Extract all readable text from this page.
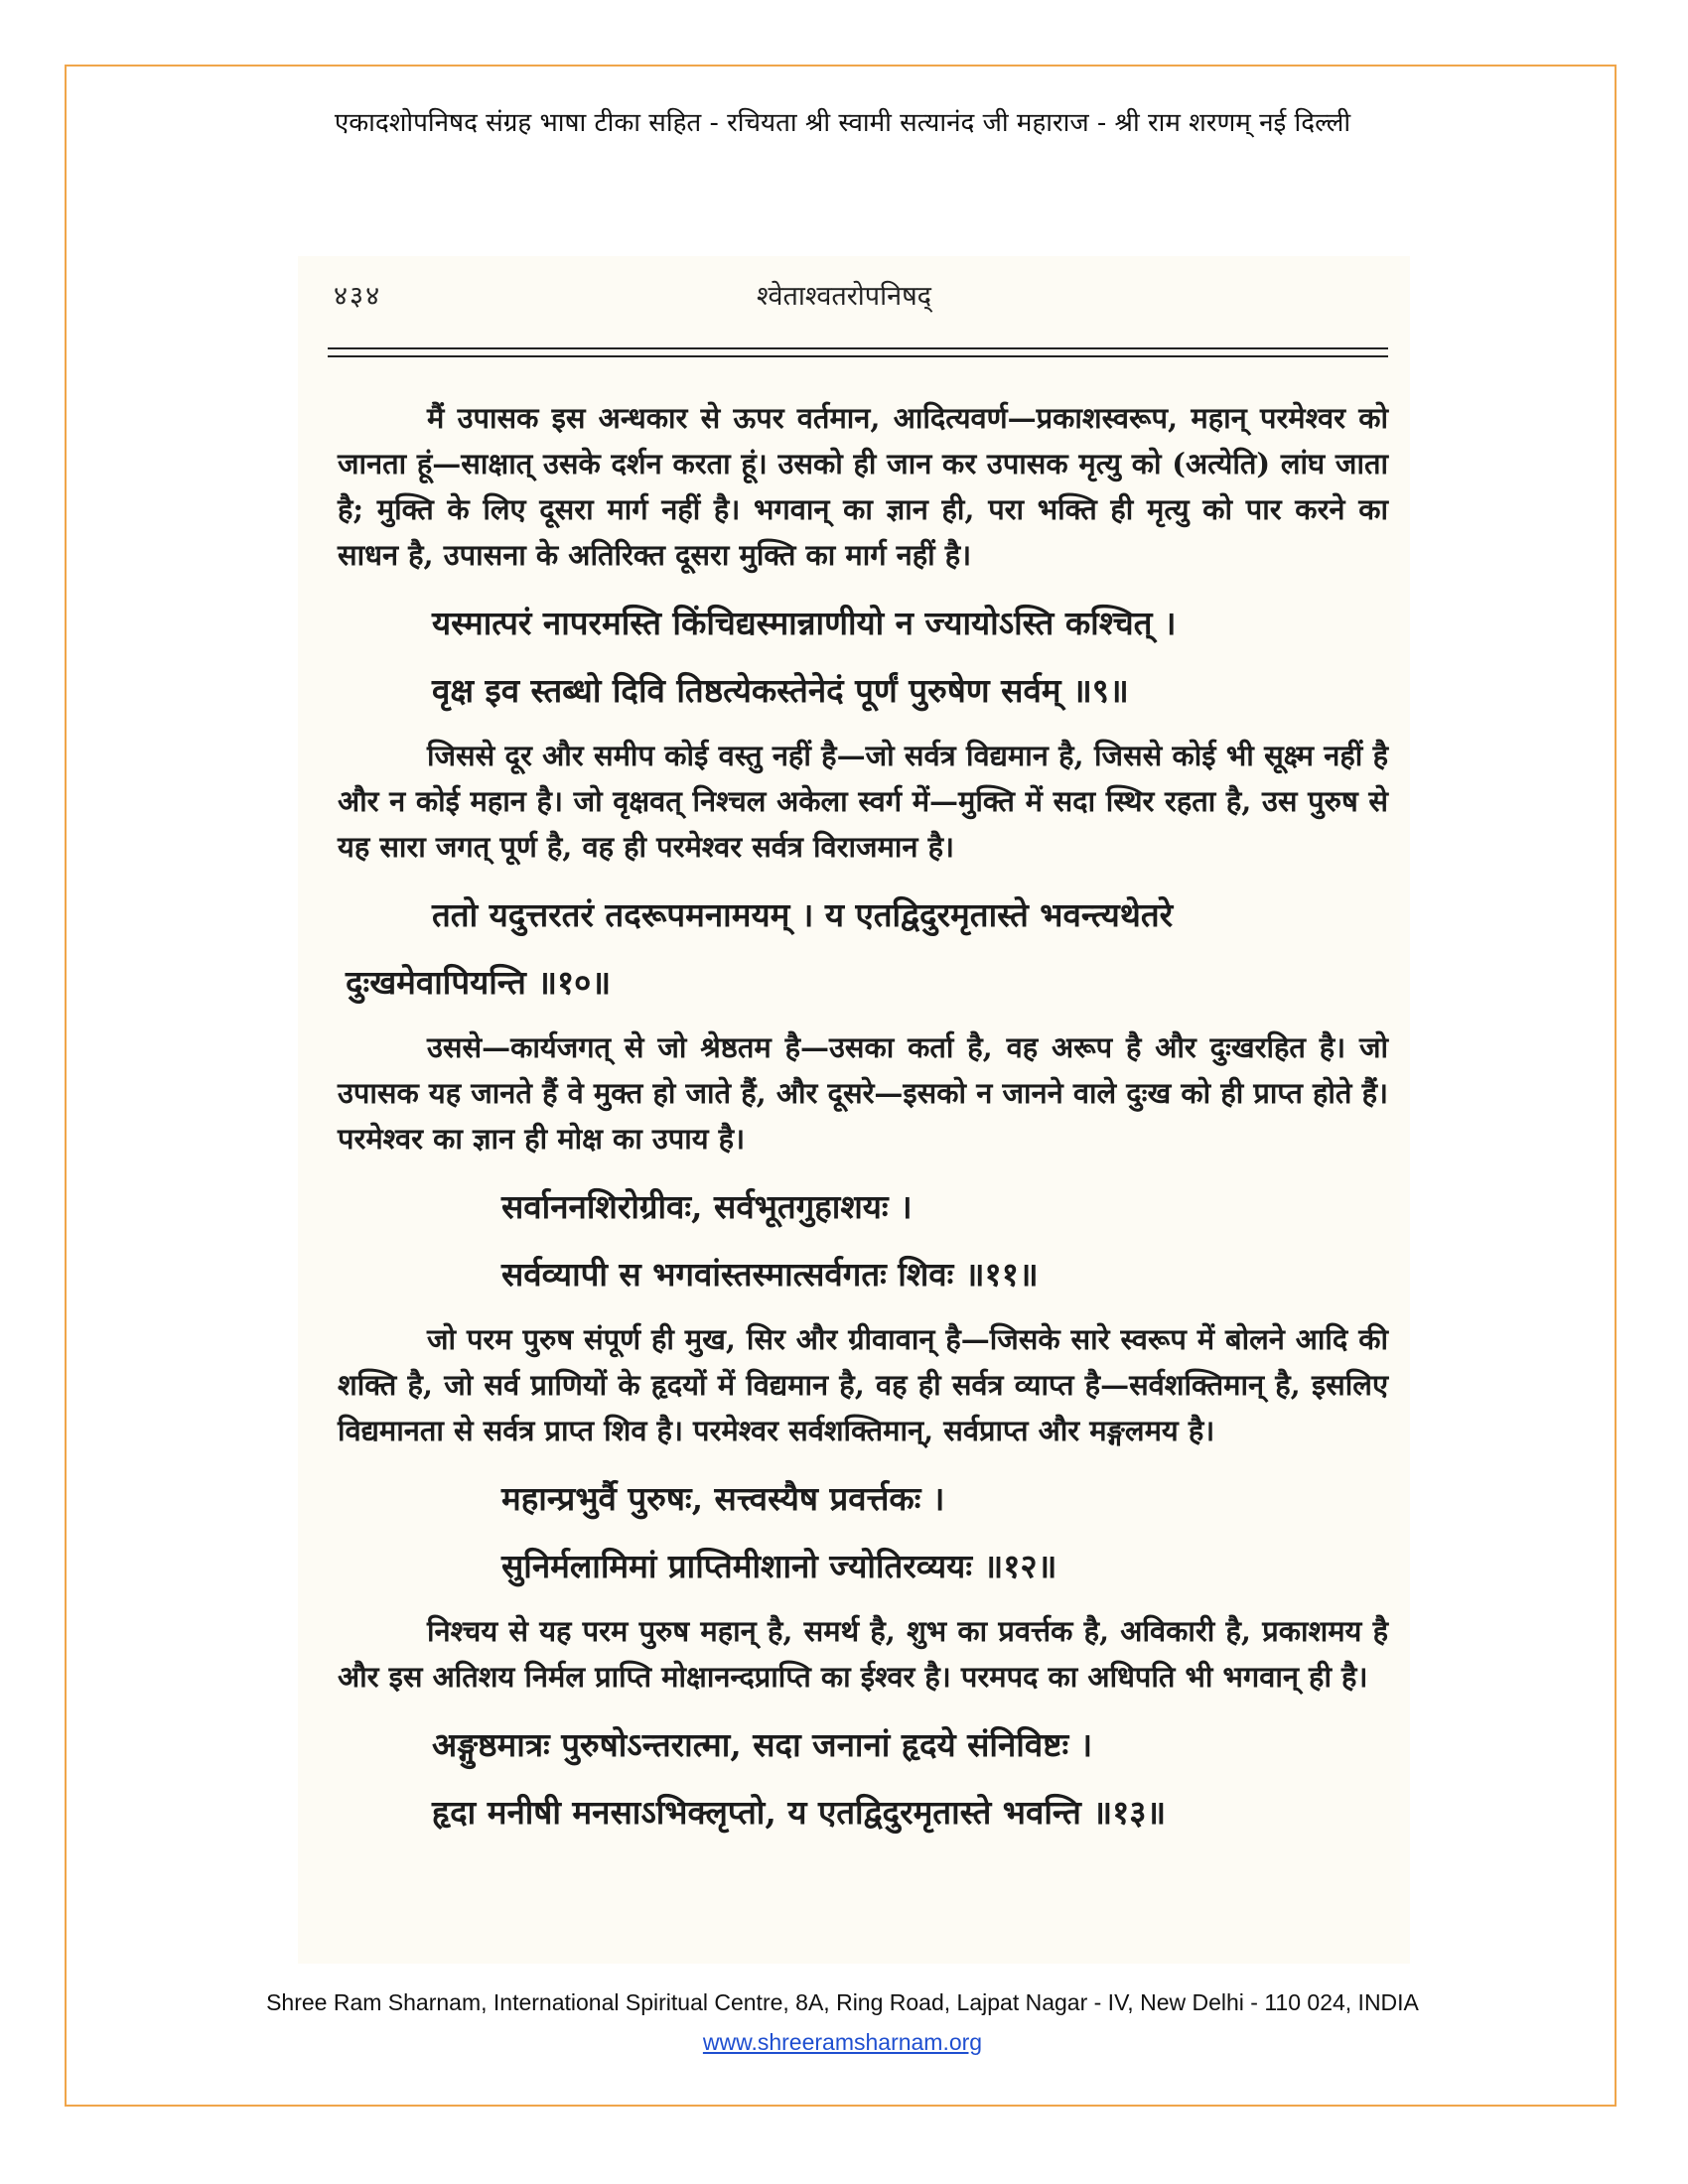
एकादशोपनिषद संग्रह भाषा टीका सहित - रचियता श्री स्वामी सत्यानंद जी महाराज - श्री राम शरणम् नई दिल्ली
४३४	श्वेताश्वतरोपनिषद्

मैं उपासक इस अन्धकार से ऊपर वर्तमान, आदित्यवर्ण—प्रकाशस्वरूप, महान् परमेश्वर को जानता हूं—साक्षात् उसके दर्शन करता हूं। उसको ही जान कर उपासक मृत्यु को (अत्येति) लांघ जाता है; मुक्ति के लिए दूसरा मार्ग नहीं है। भगवान् का ज्ञान ही, परा भक्ति ही मृत्यु को पार करने का साधन है, उपासना के अतिरिक्त दूसरा मुक्ति का मार्ग नहीं है।

यस्मात्परं नापरमस्ति किंचिद्यस्मान्नाणीयो न ज्यायोऽस्ति कश्चित् ।
वृक्ष इव स्तब्धो दिवि तिष्ठत्येकस्तेनेदं पूर्णं पुरुषेण सर्वम् ॥९॥

जिससे दूर और समीप कोई वस्तु नहीं है—जो सर्वत्र विद्यमान है, जिससे कोई भी सूक्ष्म नहीं है और न कोई महान है। जो वृक्षवत् निश्चल अकेला स्वर्ग में—मुक्ति में सदा स्थिर रहता है, उस पुरुष से यह सारा जगत् पूर्ण है, वह ही परमेश्वर सर्वत्र विराजमान है।

ततो यदुत्तरतरं तदरूपमनामयम् । य एतद्विदुरमृतास्ते भवन्त्यथेतरे
दुःखमेवापियन्ति ॥१०॥

उससे—कार्यजगत् से जो श्रेष्ठतम है—उसका कर्ता है, वह अरूप है और दुःखरहित है। जो उपासक यह जानते हैं वे मुक्त हो जाते हैं, और दूसरे—इसको न जानने वाले दुःख को ही प्राप्त होते हैं। परमेश्वर का ज्ञान ही मोक्ष का उपाय है।

सर्वाननशिरोग्रीवः, सर्वभूतगुहाशयः ।
सर्वव्यापी स भगवांस्तस्मात्सर्वगतः शिवः ॥११॥

जो परम पुरुष संपूर्ण ही मुख, सिर और ग्रीवावान् है—जिसके सारे स्वरूप में बोलने आदि की शक्ति है, जो सर्व प्राणियों के हृदयों में विद्यमान है, वह ही सर्वत्र व्याप्त है—सर्वशक्तिमान् है, इसलिए विद्यमानता से सर्वत्र प्राप्त शिव है। परमेश्वर सर्वशक्तिमान्, सर्वप्राप्त और मङ्गलमय है।

महान्प्रभुर्वै पुरुषः, सत्त्वस्यैष प्रवर्त्तकः ।
सुनिर्मलामिमां प्राप्तिमीशानो ज्योतिरव्ययः ॥१२॥

निश्चय से यह परम पुरुष महान् है, समर्थ है, शुभ का प्रवर्त्तक है, अविकारी है, प्रकाशमय है और इस अतिशय निर्मल प्राप्ति मोक्षानन्दप्राप्ति का ईश्वर है। परमपद का अधिपति भी भगवान् ही है।

अङ्गुष्ठमात्रः पुरुषोऽन्तरात्मा, सदा जनानां हृदये संनिविष्टः ।
हृदा मनीषी मनसाऽभिक्लृप्तो, य एतद्विदुरमृतास्ते भवन्ति ॥१३॥
Shree Ram Sharnam, International Spiritual Centre, 8A, Ring Road, Lajpat Nagar - IV, New Delhi - 110 024, INDIA
www.shreeramsharnam.org
